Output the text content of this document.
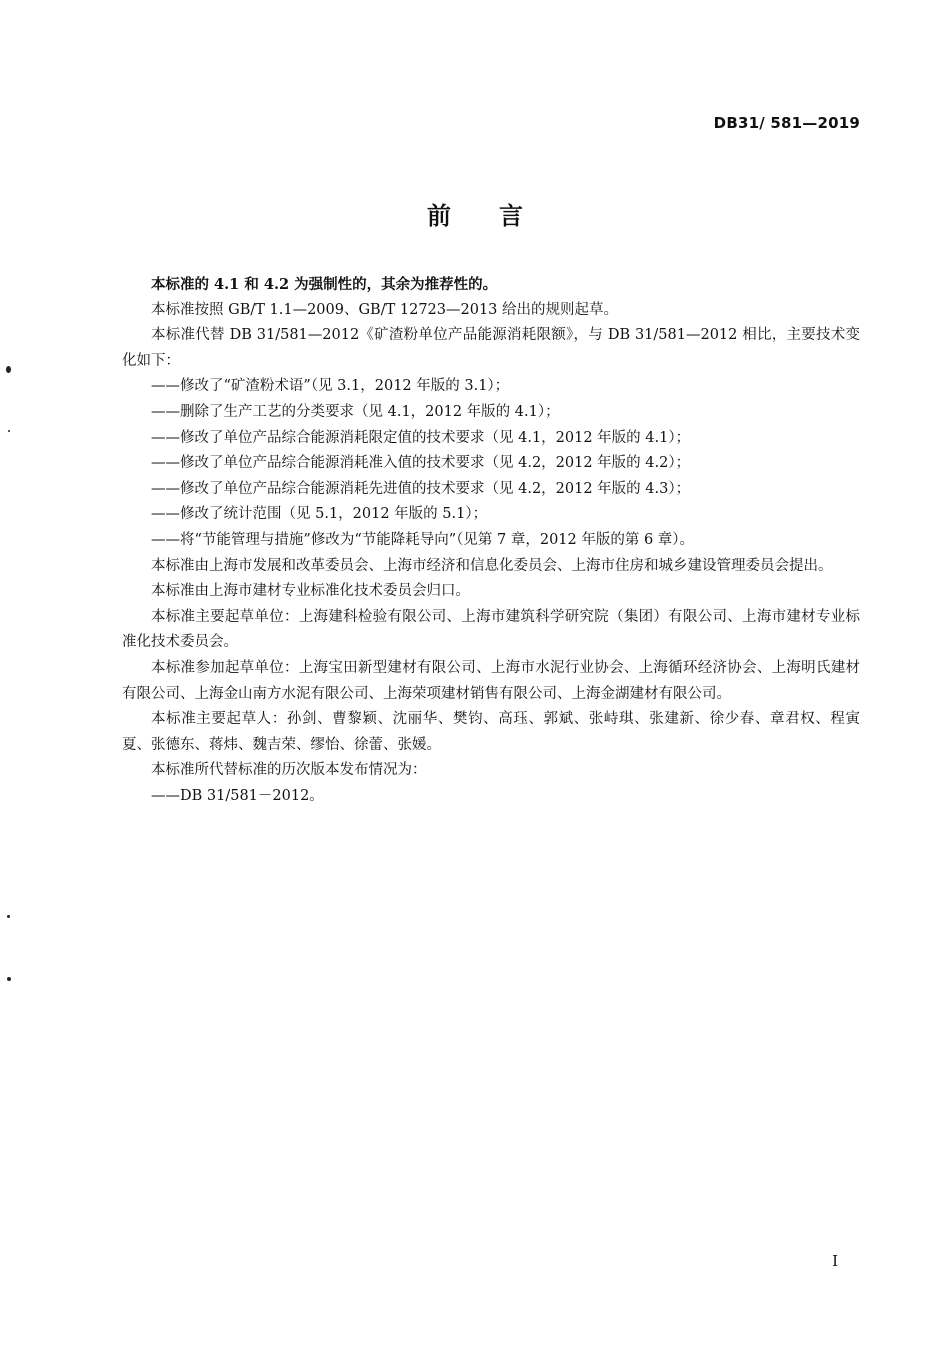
DB31/ 581—2019
前言

本标准的 4.1 和 4.2 为强制性的，其余为推荐性的。

本标准按照 GB/T 1.1—2009、GB/T 12723—2013 给出的规则起草。

本标准代替 DB 31/581—2012《矿渣粉单位产品能源消耗限额》，与 DB 31/581—2012 相比，主要技术变化如下：

——修改了“矿渣粉术语”（见 3.1，2012 年版的 3.1）；

——删除了生产工艺的分类要求（见 4.1，2012 年版的 4.1）；

——修改了单位产品综合能源消耗限定值的技术要求（见 4.1，2012 年版的 4.1）；

——修改了单位产品综合能源消耗准入值的技术要求（见 4.2，2012 年版的 4.2）；

——修改了单位产品综合能源消耗先进值的技术要求（见 4.2，2012 年版的 4.3）；

——修改了统计范围（见 5.1，2012 年版的 5.1）；

——将“节能管理与措施”修改为“节能降耗导向”（见第 7 章，2012 年版的第 6 章）。

本标准由上海市发展和改革委员会、上海市经济和信息化委员会、上海市住房和城乡建设管理委员会提出。

本标准由上海市建材专业标准化技术委员会归口。

本标准主要起草单位：上海建科检验有限公司、上海市建筑科学研究院（集团）有限公司、上海市建材专业标准化技术委员会。

本标准参加起草单位：上海宝田新型建材有限公司、上海市水泥行业协会、上海循环经济协会、上海明氏建材有限公司、上海金山南方水泥有限公司、上海荣项建材销售有限公司、上海金湖建材有限公司。

本标准主要起草人：孙剑、曹黎颖、沈丽华、樊钧、高珏、郭斌、张峙琪、张建新、徐少春、章君权、程寅夏、张德东、蒋炜、魏吉荣、缪怡、徐蕾、张媛。

本标准所代替标准的历次版本发布情况为：

——DB 31/581－2012。

I
